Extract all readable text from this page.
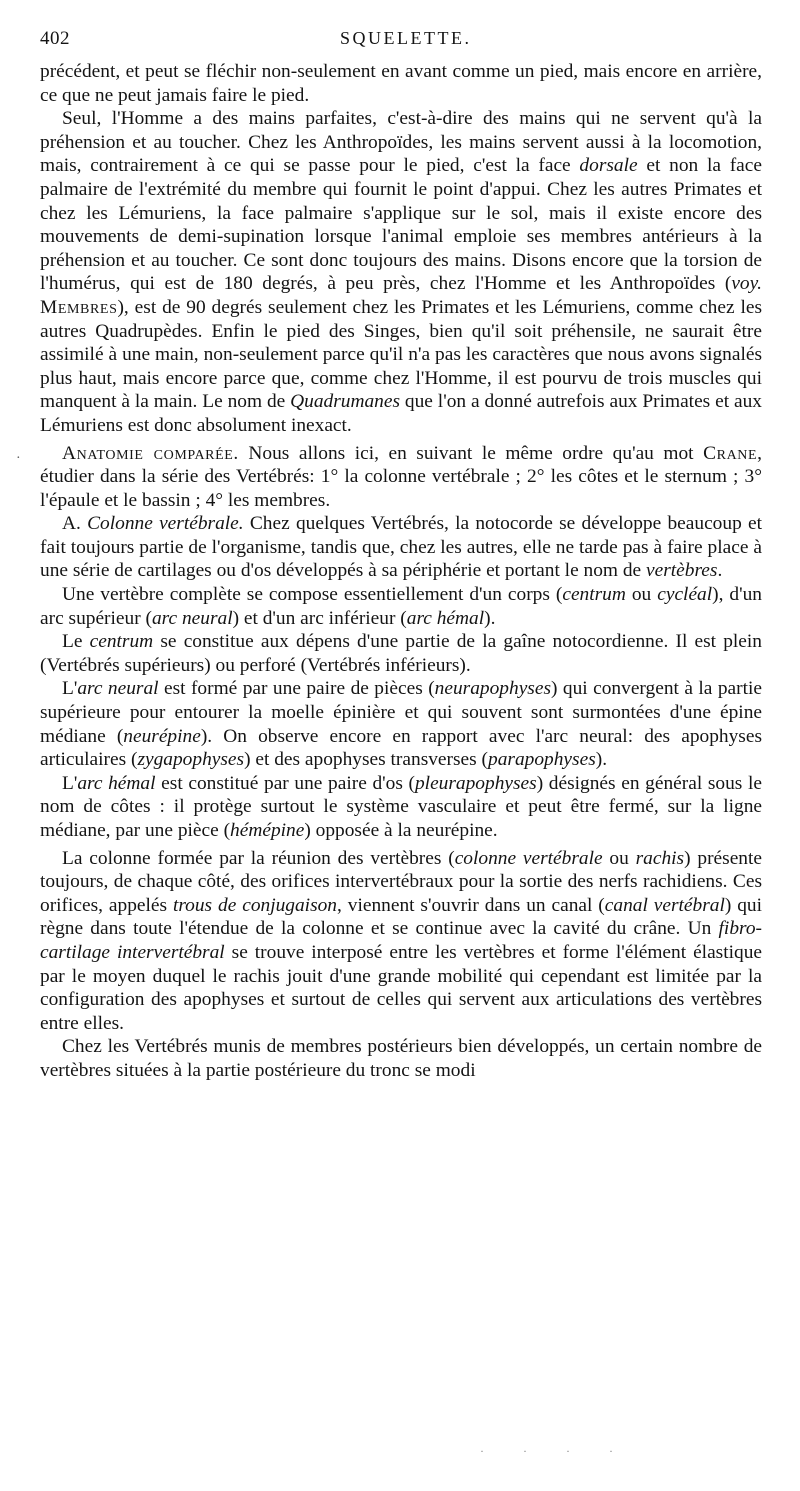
402	SQUELETTE.

précédent, et peut se fléchir non-seulement en avant comme un pied, mais encore en arrière, ce que ne peut jamais faire le pied.

Seul, l'Homme a des mains parfaites, c'est-à-dire des mains qui ne servent qu'à la préhension et au toucher. Chez les Anthropoïdes, les mains servent aussi à la locomotion, mais, contrairement à ce qui se passe pour le pied, c'est la face dorsale et non la face palmaire de l'extrémité du membre qui fournit le point d'appui. Chez les autres Primates et chez les Lémuriens, la face palmaire s'applique sur le sol, mais il existe encore des mouvements de demi-supination lorsque l'animal emploie ses membres antérieurs à la préhension et au toucher. Ce sont donc toujours des mains. Disons encore que la torsion de l'humérus, qui est de 180 degrés, à peu près, chez l'Homme et les Anthropoïdes (voy. Membres), est de 90 degrés seulement chez les Primates et les Lémuriens, comme chez les autres Quadrupèdes. Enfin le pied des Singes, bien qu'il soit préhensile, ne saurait être assimilé à une main, non-seulement parce qu'il n'a pas les caractères que nous avons signalés plus haut, mais encore parce que, comme chez l'Homme, il est pourvu de trois muscles qui manquent à la main. Le nom de Quadrumanes que l'on a donné autrefois aux Primates et aux Lémuriens est donc absolument inexact.

Anatomie comparée. Nous allons ici, en suivant le même ordre qu'au mot Crane, étudier dans la série des Vertébrés: 1° la colonne vertébrale ; 2° les côtes et le sternum ; 3° l'épaule et le bassin ; 4° les membres.

A. Colonne vertébrale. Chez quelques Vertébrés, la notocorde se développe beaucoup et fait toujours partie de l'organisme, tandis que, chez les autres, elle ne tarde pas à faire place à une série de cartilages ou d'os développés à sa périphérie et portant le nom de vertèbres.

Une vertèbre complète se compose essentiellement d'un corps (centrum ou cycléal), d'un arc supérieur (arc neural) et d'un arc inférieur (arc hémal).

Le centrum se constitue aux dépens d'une partie de la gaîne notocordienne. Il est plein (Vertébrés supérieurs) ou perforé (Vertébrés inférieurs).

L'arc neural est formé par une paire de pièces (neurapophyses) qui convergent à la partie supérieure pour entourer la moelle épinière et qui souvent sont surmontées d'une épine médiane (neurépine). On observe encore en rapport avec l'arc neural: des apophyses articulaires (zygapophyses) et des apophyses transverses (parapophyses).

L'arc hémal est constitué par une paire d'os (pleurapophyses) désignés en général sous le nom de côtes : il protège surtout le système vasculaire et peut être fermé, sur la ligne médiane, par une pièce (hémépine) opposée à la neurépine.

La colonne formée par la réunion des vertèbres (colonne vertébrale ou rachis) présente toujours, de chaque côté, des orifices intervertébraux pour la sortie des nerfs rachidiens. Ces orifices, appelés trous de conjugaison, viennent s'ouvrir dans un canal (canal vertébral) qui règne dans toute l'étendue de la colonne et se continue avec la cavité du crâne. Un fibro-cartilage intervertébral se trouve interposé entre les vertèbres et forme l'élément élastique par le moyen duquel le rachis jouit d'une grande mobilité qui cependant est limitée par la configuration des apophyses et surtout de celles qui servent aux articulations des vertèbres entre elles.

Chez les Vertébrés munis de membres postérieurs bien développés, un certain nombre de vertèbres situées à la partie postérieure du tronc se modi

·
· · · ·
